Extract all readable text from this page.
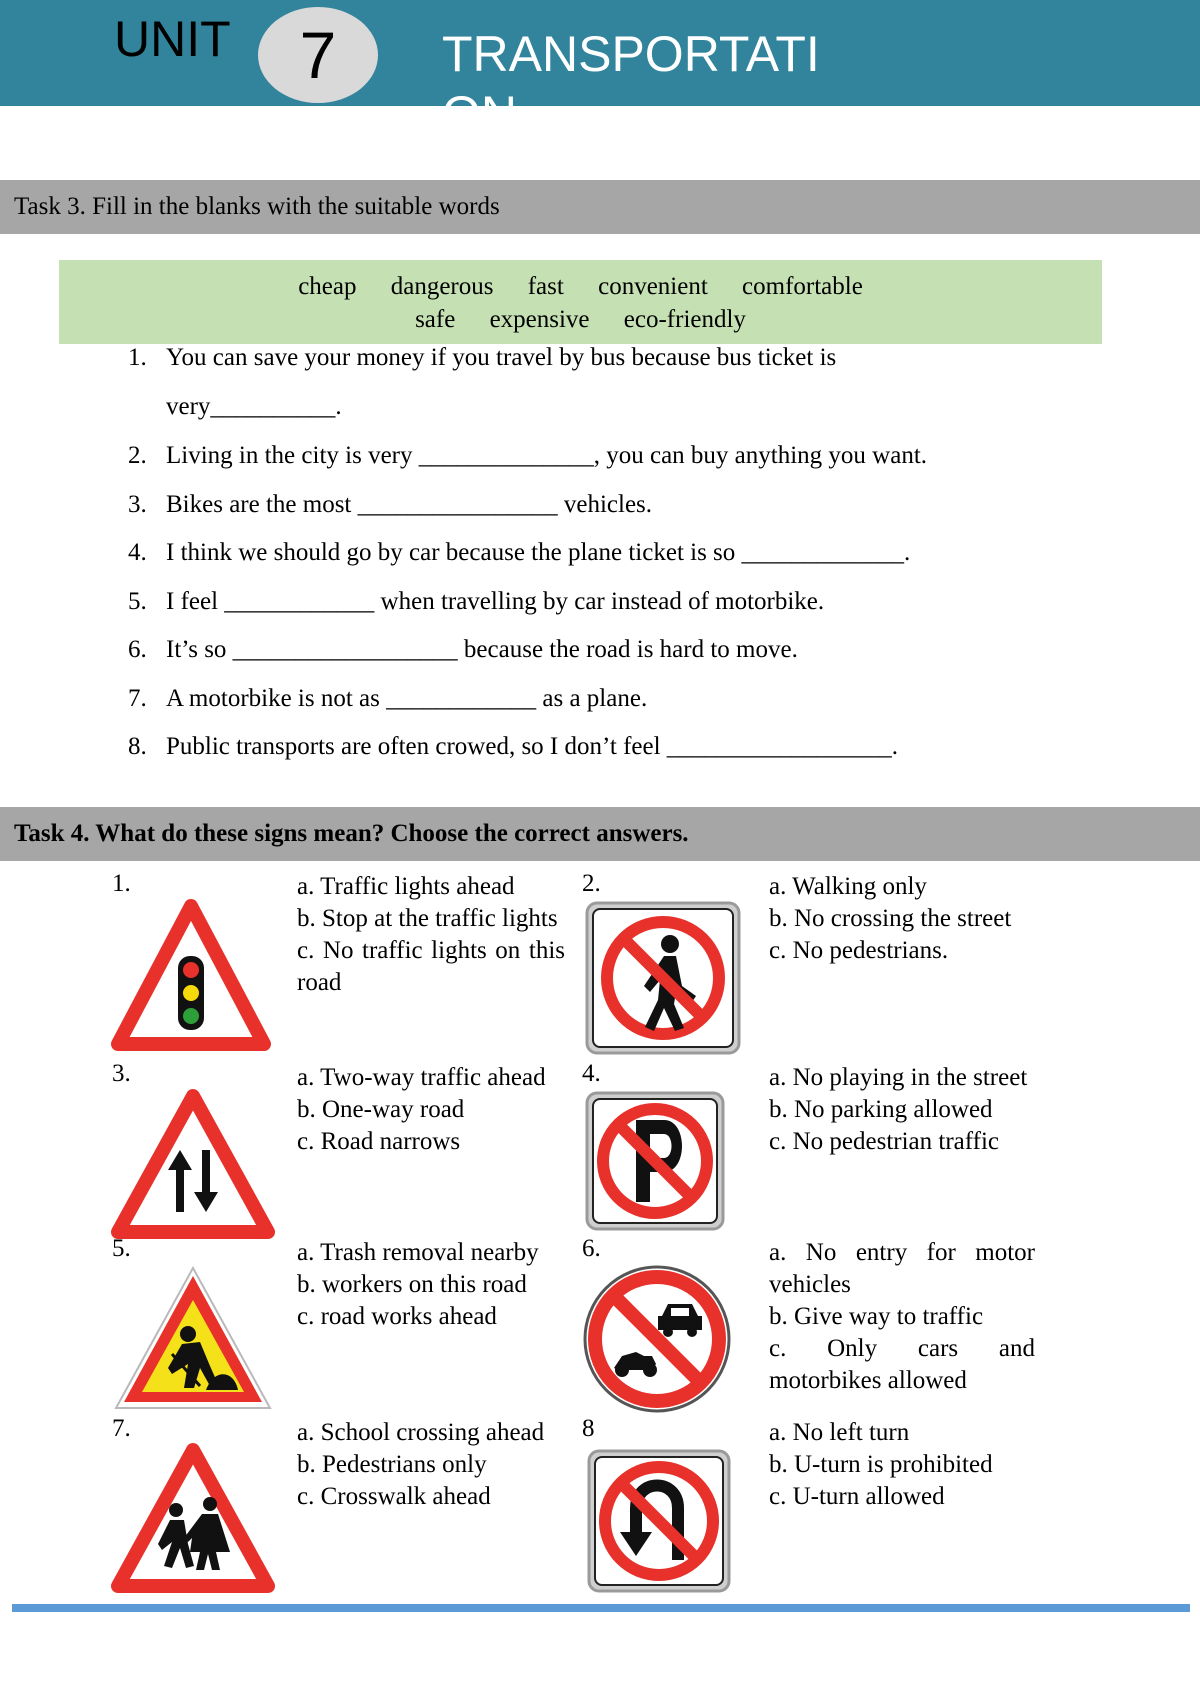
UNIT	7	TRANSPORTATION
Task 3. Fill in the blanks with the suitable words
cheap dangerous fast convenient comfortable
safe expensive eco-friendly
1. You can save your money if you travel by bus because bus ticket is
very__________.
2. Living in the city is very ______________, you can buy anything you want.
3. Bikes are the most ________________ vehicles.
4. I think we should go by car because the plane ticket is so _____________.
5. I feel ____________ when travelling by car instead of motorbike.
6. It’s so __________________ because the road is hard to move.
7. A motorbike is not as ____________ as a plane.
8. Public transports are often crowed, so I don’t feel __________________.
Task 4. What do these signs mean? Choose the correct answers.
1.	a. Traffic lights ahead
b. Stop at the traffic lights
c. No traffic lights on this road
2.	a. Walking only
b. No crossing the street
c. No pedestrians.
3.	a. Two-way traffic ahead
b. One-way road
c. Road narrows
4.	a. No playing in the street
b. No parking allowed
c. No pedestrian traffic
5.	a. Trash removal nearby
b. workers on this road
c. road works ahead
6.	a. No entry for motor vehicles
b. Give way to traffic
c. Only cars and motorbikes allowed
7.	a. School crossing ahead
b. Pedestrians only
c. Crosswalk ahead
8	a. No left turn
b. U-turn is prohibited
c. U-turn allowed
